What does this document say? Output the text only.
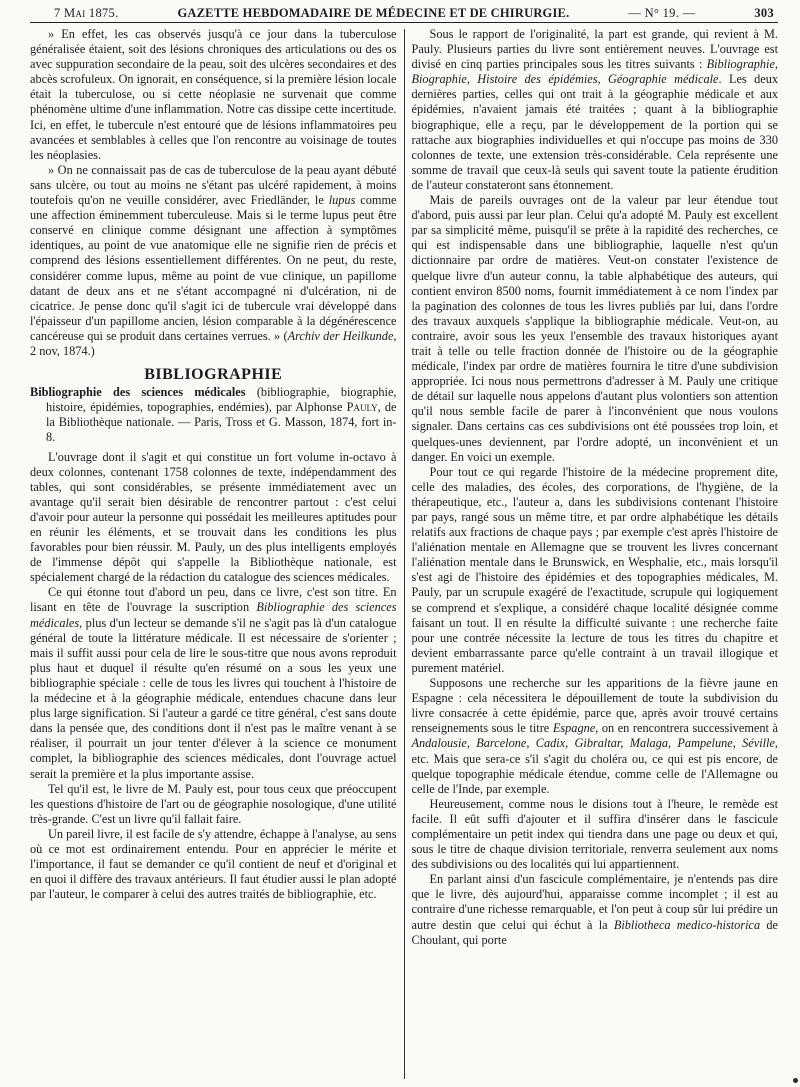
7 Mai 1875.	GAZETTE HEBDOMADAIRE DE MÉDECINE ET DE CHIRURGIE.	— N° 19. —	303

» En effet, les cas observés jusqu'à ce jour dans la tuberculose généralisée étaient, soit des lésions chroniques des articulations ou des os avec suppuration secondaire de la peau, soit des ulcères secondaires et des abcès scrofuleux. On ignorait, en conséquence, si la première lésion locale était la tuberculose, ou si cette néoplasie ne survenait que comme phénomène ultime d'une inflammation. Notre cas dissipe cette incertitude. Ici, en effet, le tubercule n'est entouré que de lésions inflammatoires peu avancées et semblables à celles que l'on rencontre au voisinage de toutes les néoplasies.

» On ne connaissait pas de cas de tuberculose de la peau ayant débuté sans ulcère, ou tout au moins ne s'étant pas ulcéré rapidement, à moins toutefois qu'on ne veuille considérer, avec Friedländer, le lupus comme une affection éminemment tuberculeuse. Mais si le terme lupus peut être conservé en clinique comme désignant une affection à symptômes identiques, au point de vue anatomique elle ne signifie rien de précis et comprend des lésions essentiellement différentes. On ne peut, du reste, considérer comme lupus, même au point de vue clinique, un papillome datant de deux ans et ne s'étant accompagné ni d'ulcération, ni de cicatrice. Je pense donc qu'il s'agit ici de tubercule vrai développé dans l'épaisseur d'un papillome ancien, lésion comparable à la dégénérescence cancéreuse qui se produit dans certaines verrues. » (Archiv der Heilkunde, 2 nov, 1874.)

BIBLIOGRAPHIE

Bibliographie des sciences médicales (bibliographie, biographie, histoire, épidémies, topographies, endémies), par Alphonse Pauly, de la Bibliothèque nationale. — Paris, Tross et G. Masson, 1874, fort in-8.

L'ouvrage dont il s'agit et qui constitue un fort volume in-octavo à deux colonnes, contenant 1758 colonnes de texte, indépendamment des tables, qui sont considérables, se présente immédiatement avec un avantage qu'il serait bien désirable de rencontrer partout : c'est celui d'avoir pour auteur la personne qui possédait les meilleures aptitudes pour en réunir les éléments, et se trouvait dans les conditions les plus favorables pour bien réussir. M. Pauly, un des plus intelligents employés de l'immense dépôt qui s'appelle la Bibliothèque nationale, est spécialement chargé de la rédaction du catalogue des sciences médicales.

Ce qui étonne tout d'abord un peu, dans ce livre, c'est son titre. En lisant en tête de l'ouvrage la suscription Bibliographie des sciences médicales, plus d'un lecteur se demande s'il ne s'agit pas là d'un catalogue général de toute la littérature médicale. Il est nécessaire de s'orienter ; mais il suffit aussi pour cela de lire le sous-titre que nous avons reproduit plus haut et duquel il résulte qu'en résumé on a sous les yeux une bibliographie spéciale : celle de tous les livres qui touchent à l'histoire de la médecine et à la géographie médicale, entendues chacune dans leur plus large signification. Si l'auteur a gardé ce titre général, c'est sans doute dans la pensée que, des conditions dont il n'est pas le maître venant à se réaliser, il pourrait un jour tenter d'élever à la science ce monument complet, la bibliographie des sciences médicales, dont l'ouvrage actuel serait la première et la plus importante assise.

Tel qu'il est, le livre de M. Pauly est, pour tous ceux que préoccupent les questions d'histoire de l'art ou de géographie nosologique, d'une utilité très-grande. C'est un livre qu'il fallait faire.

Un pareil livre, il est facile de s'y attendre, échappe à l'analyse, au sens où ce mot est ordinairement entendu. Pour en apprécier le mérite et l'importance, il faut se demander ce qu'il contient de neuf et d'original et en quoi il diffère des travaux antérieurs. Il faut étudier aussi le plan adopté par l'auteur, le comparer à celui des autres traités de bibliographie, etc.

Sous le rapport de l'originalité, la part est grande, qui revient à M. Pauly. Plusieurs parties du livre sont entièrement neuves. L'ouvrage est divisé en cinq parties principales sous les titres suivants : Bibliographie, Biographie, Histoire des épidémies, Géographie médicale. Les deux dernières parties, celles qui ont trait à la géographie médicale et aux épidémies, n'avaient jamais été traitées ; quant à la bibliographie biographique, elle a reçu, par le développement de la portion qui se rattache aux biographies individuelles et qui n'occupe pas moins de 330 colonnes de texte, une extension très-considérable. Cela représente une somme de travail que ceux-là seuls qui savent toute la patiente érudition de l'auteur constateront sans étonnement.

Mais de pareils ouvrages ont de la valeur par leur étendue tout d'abord, puis aussi par leur plan. Celui qu'a adopté M. Pauly est excellent par sa simplicité même, puisqu'il se prête à la rapidité des recherches, ce qui est indispensable dans une bibliographie, laquelle n'est qu'un dictionnaire par ordre de matières. Veut-on constater l'existence de quelque livre d'un auteur connu, la table alphabétique des auteurs, qui contient environ 8500 noms, fournit immédiatement à ce nom l'index par la pagination des colonnes de tous les livres publiés par lui, dans l'ordre des travaux auxquels s'applique la bibliographie médicale. Veut-on, au contraire, avoir sous les yeux l'ensemble des travaux historiques ayant trait à telle ou telle fraction donnée de l'histoire ou de la géographie médicale, l'index par ordre de matières fournira le titre d'une subdivision appropriée. Ici nous nous permettrons d'adresser à M. Pauly une critique de détail sur laquelle nous appelons d'autant plus volontiers son attention qu'il nous semble facile de parer à l'inconvénient que nous voulons signaler. Dans certains cas ces subdivisions ont été poussées trop loin, et quelques-unes deviennent, par l'ordre adopté, un inconvénient et un danger. En voici un exemple.

Pour tout ce qui regarde l'histoire de la médecine proprement dite, celle des maladies, des écoles, des corporations, de l'hygiène, de la thérapeutique, etc., l'auteur a, dans les subdivisions contenant l'histoire par pays, rangé sous un même titre, et par ordre alphabétique les détails relatifs aux fractions de chaque pays ; par exemple c'est après l'histoire de l'aliénation mentale en Allemagne que se trouvent les livres concernant l'aliénation mentale dans le Brunswick, en Wesphalie, etc., mais lorsqu'il s'est agi de l'histoire des épidémies et des topographies médicales, M. Pauly, par un scrupule exagéré de l'exactitude, scrupule qui logiquement se comprend et s'explique, a considéré chaque localité désignée comme faisant un tout. Il en résulte la difficulté suivante : une recherche faite pour une contrée nécessite la lecture de tous les titres du chapitre et devient embarrassante parce qu'elle contraint à un travail illogique et purement matériel.

Supposons une recherche sur les apparitions de la fièvre jaune en Espagne : cela nécessitera le dépouillement de toute la subdivision du livre consacrée à cette épidémie, parce que, après avoir trouvé certains renseignements sous le titre Espagne, on en rencontrera successivement à Andalousie, Barcelone, Cadix, Gibraltar, Malaga, Pampelune, Séville, etc. Mais que sera-ce s'il s'agit du choléra ou, ce qui est pis encore, de quelque topographie médicale étendue, comme celle de l'Allemagne ou celle de l'Inde, par exemple.

Heureusement, comme nous le disions tout à l'heure, le remède est facile. Il eût suffi d'ajouter et il suffira d'insérer dans le fascicule complémentaire un petit index qui tiendra dans une page ou deux et qui, sous le titre de chaque division territoriale, renverra seulement aux noms des subdivisions ou des localités qui lui appartiennent.

En parlant ainsi d'un fascicule complémentaire, je n'entends pas dire que le livre, dès aujourd'hui, apparaisse comme incomplet ; il est au contraire d'une richesse remarquable, et l'on peut à coup sûr lui prédire un autre destin que celui qui échut à la Bibliotheca medico-historica de Choulant, qui porte
